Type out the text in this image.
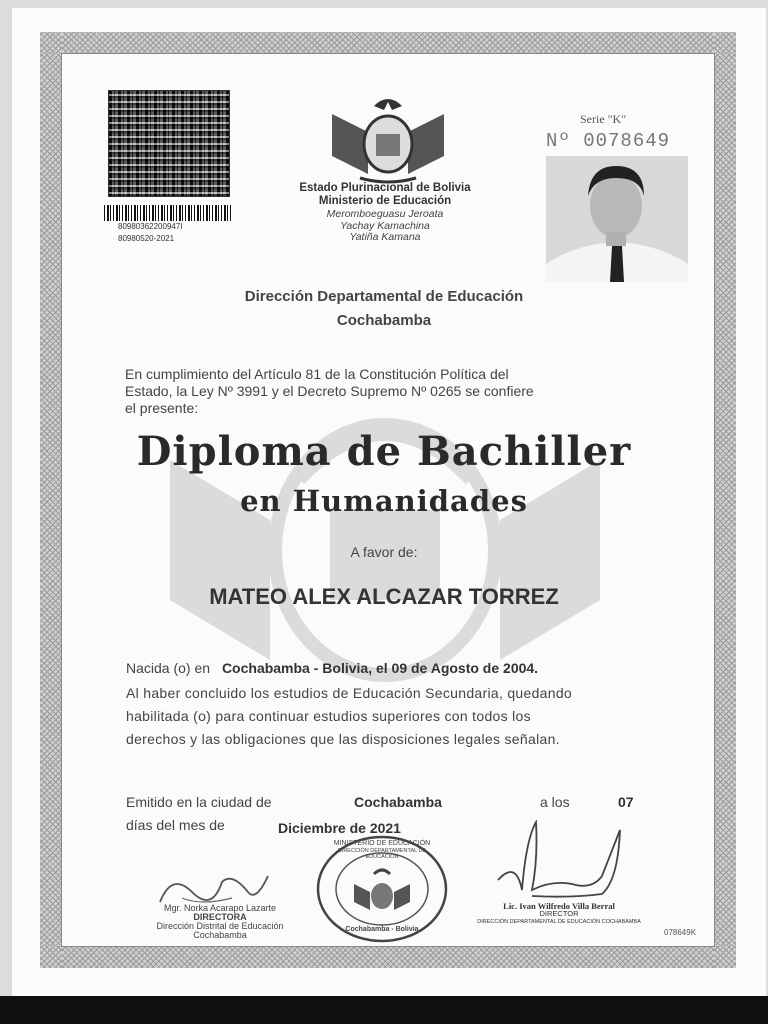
80980362200947I
80980520-2021
Estado Plurinacional de Bolivia
Ministerio de Educación
Meromboeguasu Jeroata
Yachay Kamachina
Yatiña Kamana
Serie "K"
Nº 0078649
Dirección Departamental de Educación
Cochabamba
En cumplimiento del Artículo 81 de la Constitución Política del
Estado, la Ley Nº 3991 y el Decreto Supremo Nº 0265 se confiere
el presente:
Diploma de Bachiller
en Humanidades
A favor de:
MATEO ALEX ALCAZAR TORREZ
Nacida (o) en Cochabamba - Bolivia, el 09 de Agosto de 2004.
Al haber concluido los estudios de Educación Secundaria, quedando
habilitada (o) para continuar estudios superiores con todos los
derechos y las obligaciones que las disposiciones legales señalan.
Emitido en la ciudad de	Cochabamba	a los	07
días del mes de	Diciembre de 2021
MINISTERIO DE EDUCACIÓN
DIRECCIÓN DEPARTAMENTAL DE EDUCACIÓN
Cochabamba - Bolivia
Mgr. Norka Acarapo Lazarte
DIRECTORA
Dirección Distrital de Educación
Cochabamba
Lic. Ivan Wilfredo Villa Berral
DIRECTOR
DIRECCIÓN DEPARTAMENTAL DE EDUCACIÓN COCHABAMBA
078649K
